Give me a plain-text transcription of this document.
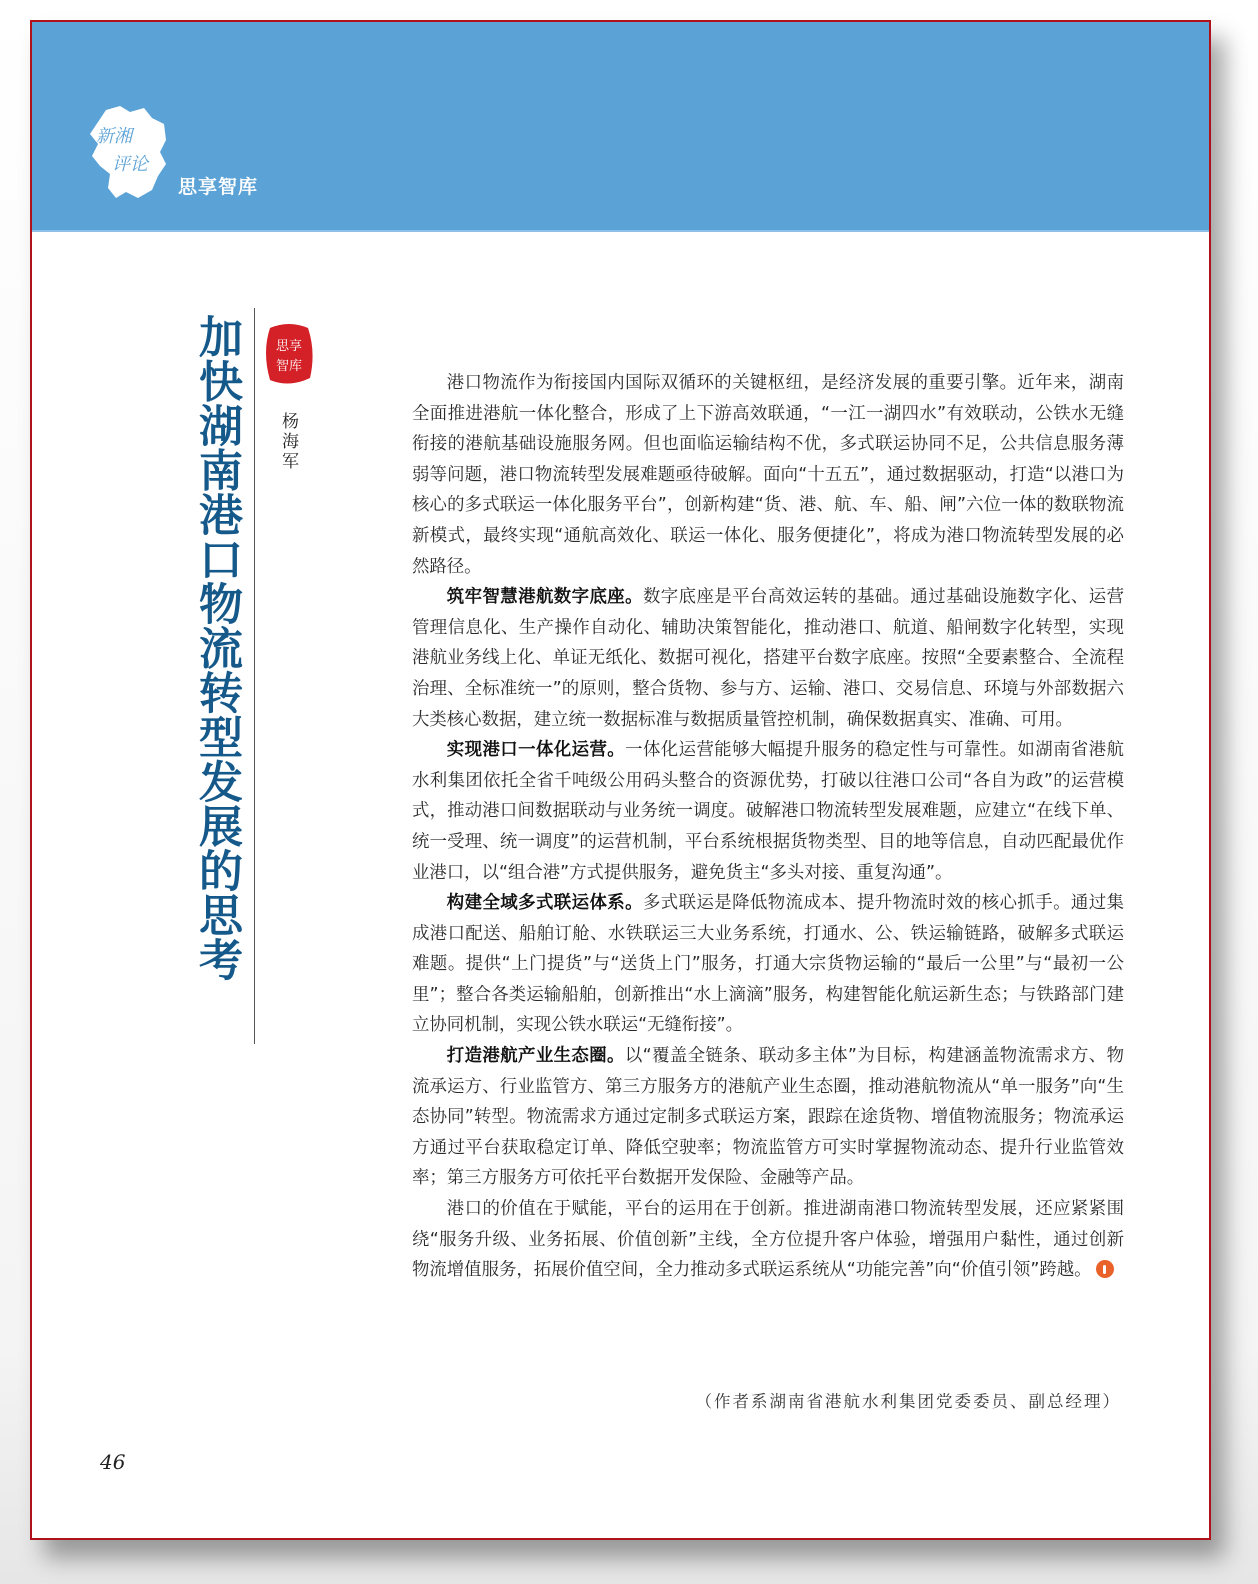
新湘
评论
思享智库
加快湖南港口物流转型发展的思考	思享
智库
杨海军

港口物流作为衔接国内国际双循环的关键枢纽，是经济发展的重要引擎。近年来，湖南全面推进港航一体化整合，形成了上下游高效联通，“一江一湖四水”有效联动，公铁水无缝衔接的港航基础设施服务网。但也面临运输结构不优，多式联运协同不足，公共信息服务薄弱等问题，港口物流转型发展难题亟待破解。面向“十五五”，通过数据驱动，打造“以港口为核心的多式联运一体化服务平台”，创新构建“货、港、航、车、船、闸”六位一体的数联物流新模式，最终实现“通航高效化、联运一体化、服务便捷化”，将成为港口物流转型发展的必然路径。

筑牢智慧港航数字底座。数字底座是平台高效运转的基础。通过基础设施数字化、运营管理信息化、生产操作自动化、辅助决策智能化，推动港口、航道、船闸数字化转型，实现港航业务线上化、单证无纸化、数据可视化，搭建平台数字底座。按照“全要素整合、全流程治理、全标准统一”的原则，整合货物、参与方、运输、港口、交易信息、环境与外部数据六大类核心数据，建立统一数据标准与数据质量管控机制，确保数据真实、准确、可用。

实现港口一体化运营。一体化运营能够大幅提升服务的稳定性与可靠性。如湖南省港航水利集团依托全省千吨级公用码头整合的资源优势，打破以往港口公司“各自为政”的运营模式，推动港口间数据联动与业务统一调度。破解港口物流转型发展难题，应建立“在线下单、统一受理、统一调度”的运营机制，平台系统根据货物类型、目的地等信息，自动匹配最优作业港口，以“组合港”方式提供服务，避免货主“多头对接、重复沟通”。

构建全域多式联运体系。多式联运是降低物流成本、提升物流时效的核心抓手。通过集成港口配送、船舶订舱、水铁联运三大业务系统，打通水、公、铁运输链路，破解多式联运难题。提供“上门提货”与“送货上门”服务，打通大宗货物运输的“最后一公里”与“最初一公里”；整合各类运输船舶，创新推出“水上滴滴”服务，构建智能化航运新生态；与铁路部门建立协同机制，实现公铁水联运“无缝衔接”。

打造港航产业生态圈。以“覆盖全链条、联动多主体”为目标，构建涵盖物流需求方、物流承运方、行业监管方、第三方服务方的港航产业生态圈，推动港航物流从“单一服务”向“生态协同”转型。物流需求方通过定制多式联运方案，跟踪在途货物、增值物流服务；物流承运方通过平台获取稳定订单、降低空驶率；物流监管方可实时掌握物流动态、提升行业监管效率；第三方服务方可依托平台数据开发保险、金融等产品。

港口的价值在于赋能，平台的运用在于创新。推进湖南港口物流转型发展，还应紧紧围绕“服务升级、业务拓展、价值创新”主线，全方位提升客户体验，增强用户黏性，通过创新物流增值服务，拓展价值空间，全力推动多式联运系统从“功能完善”向“价值引领”跨越。

（作者系湖南省港航水利集团党委委员、副总经理）
46
